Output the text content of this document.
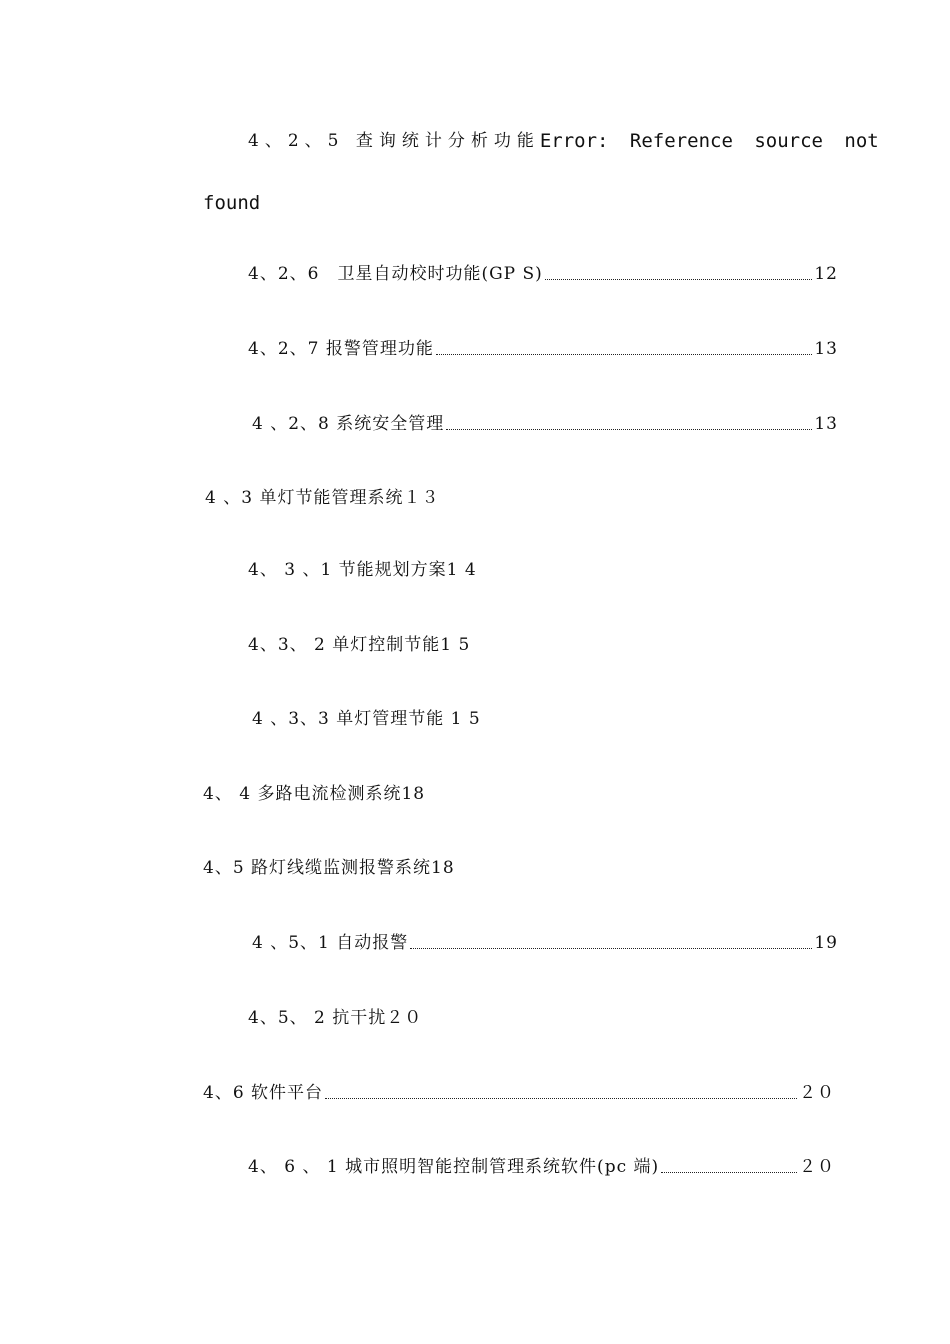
4、2、5 查询统计分析功能 Error: Reference source not
found
4、2、6　卫星自动校时功能(GP S)	12
4、2、7 报警管理功能	13
4 、2、8 系统安全管理	13
4 、3 单灯节能管理系统１３
4、 3 、1 节能规划方案1 4
4、3、 2 单灯控制节能1 5
4 、3、3 单灯管理节能 1 5
4、 4 多路电流检测系统18
4、5 路灯线缆监测报警系统18
4 、5、1 自动报警	19
4、5、 2 抗干扰２０
4、6 软件平台	２０
4、 6 、 1 城市照明智能控制管理系统软件(pc 端)	２０
